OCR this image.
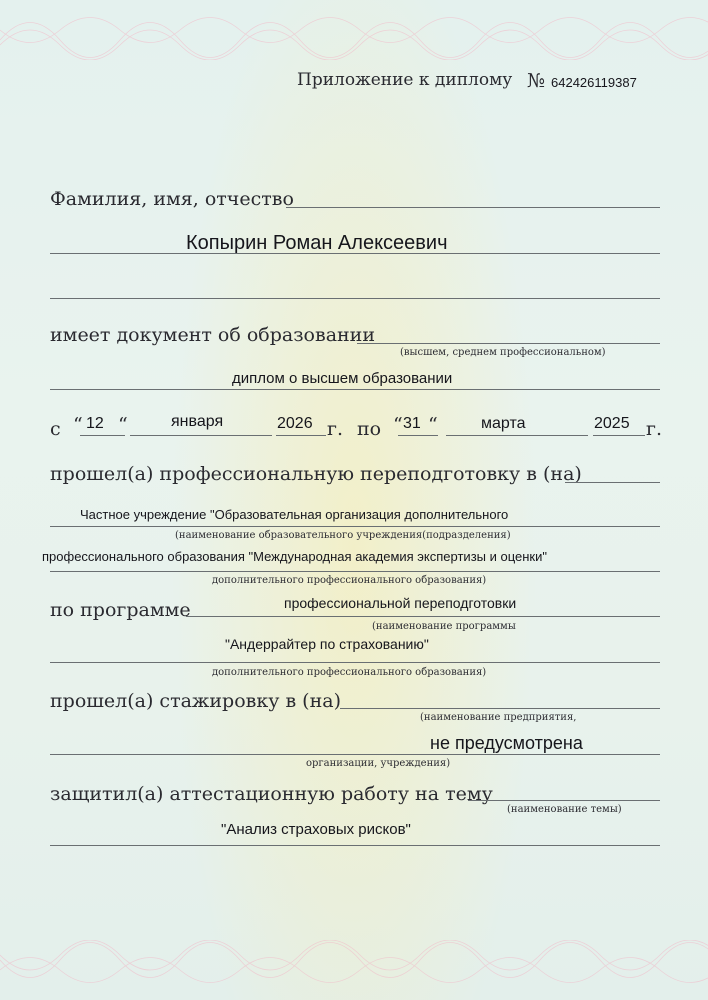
Приложение к диплому № 642426119387
Фамилия, имя, отчество
Копырин Роман Алексеевич
имеет документ об образовании
(высшем, среднем профессиональном)
диплом о высшем образовании
с “ 12 “	января	2026 г. по “ 31 “	марта	2025 г.
прошел(а) профессиональную переподготовку в (на)
Частное учреждение "Образовательная организация дополнительного
(наименование образовательного учреждения(подразделения)
профессионального образования "Международная академия экспертизы и оценки"
дополнительного профессионального образования)
по программе	профессиональной переподготовки
(наименование программы
"Андеррайтер по страхованию"
дополнительного профессионального образования)
прошел(а) стажировку в (на)
(наименование предприятия,
не предусмотрена
организации, учреждения)
защитил(а) аттестационную работу на тему
(наименование темы)
"Анализ страховых рисков"
